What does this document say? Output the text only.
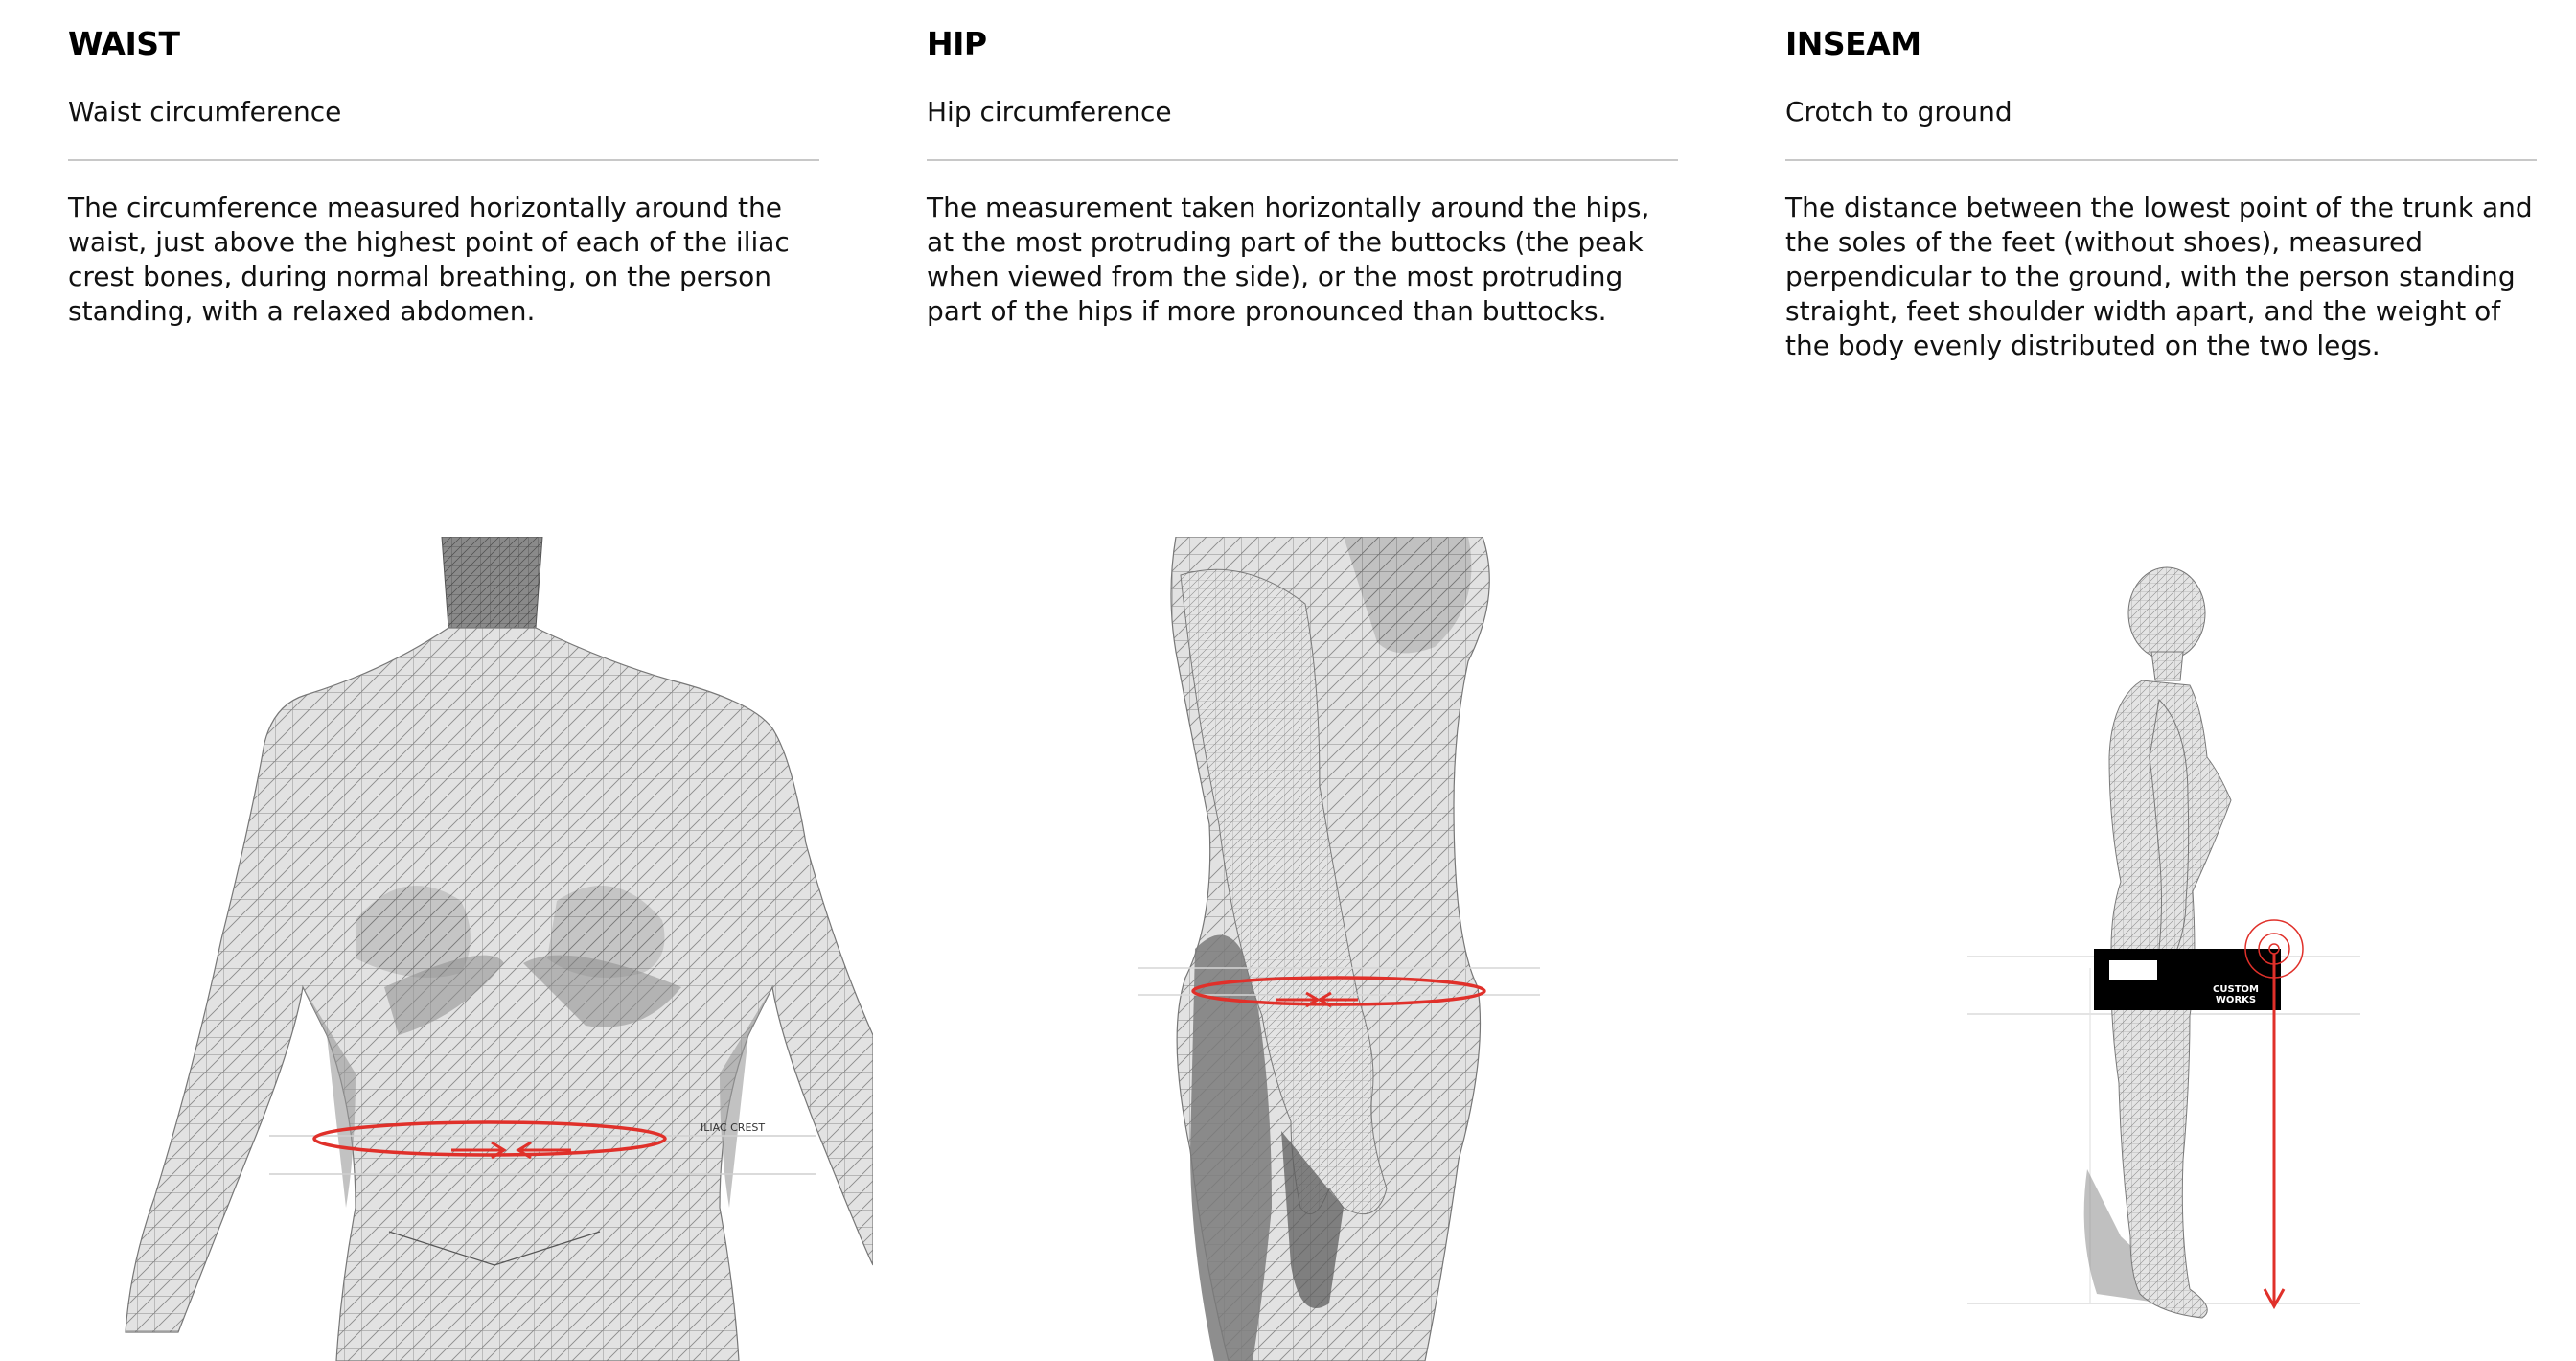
WAIST

Waist circumference

The circumference measured horizontally around the waist, just above the highest point of each of the iliac crest bones, during normal breathing, on the person standing, with a relaxed abdomen.

ILIAC CREST
HIP

Hip circumference

The measurement taken horizontally around the hips, at the most protruding part of the buttocks (the peak when viewed from the side), or the most protruding part of the hips if more pronounced than buttocks.

INSEAM

Crotch to ground

The distance between the lowest point of the trunk and the soles of the feet (without shoes), measured perpendicular to the ground, with the person standing straight, feet shoulder width apart, and the weight of the body evenly distributed on the two legs.

CUSTOM
WORKS
